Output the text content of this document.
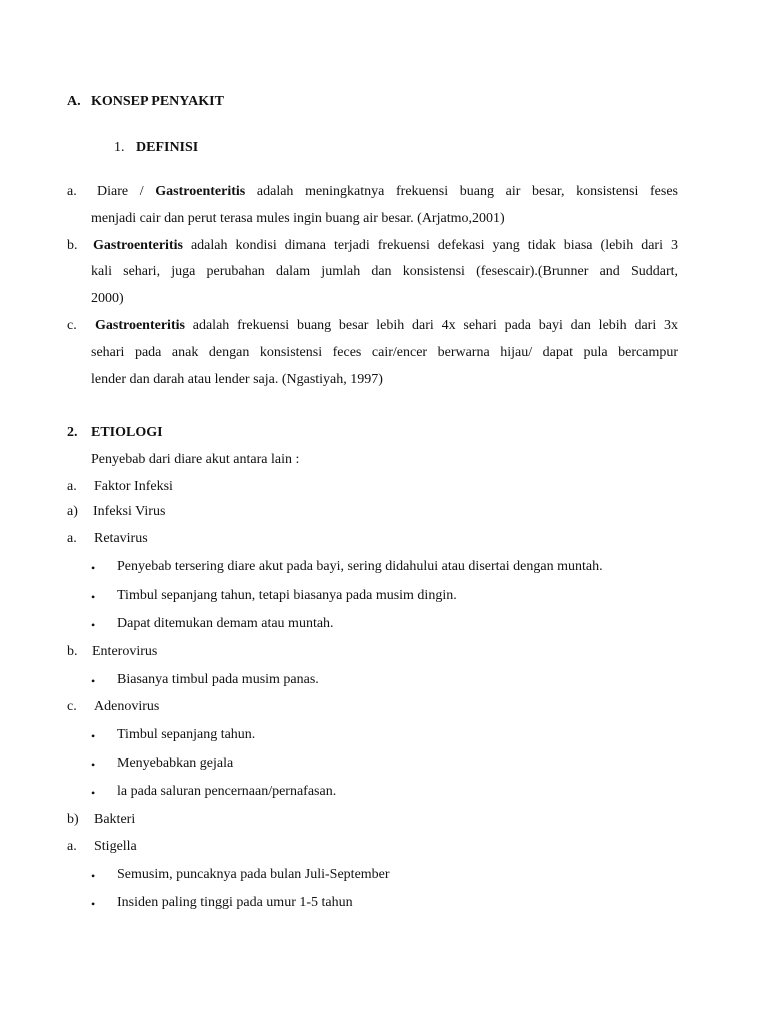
A. KONSEP PENYAKIT
1. DEFINISI
a. Diare / Gastroenteritis adalah meningkatnya frekuensi buang air besar, konsistensi feses
menjadi cair dan perut terasa mules ingin buang air besar. (Arjatmo,2001)
b. Gastroenteritis adalah kondisi dimana terjadi frekuensi defekasi yang tidak biasa (lebih dari 3
kali sehari, juga perubahan dalam jumlah dan konsistensi (fesescair).(Brunner and Suddart,
2000)
c. Gastroenteritis adalah frekuensi buang besar lebih dari 4x sehari pada bayi dan lebih dari 3x
sehari pada anak dengan konsistensi feces cair/encer berwarna hijau/ dapat pula bercampur
lender dan darah atau lender saja. (Ngastiyah, 1997)
2. ETIOLOGI
Penyebab dari diare akut antara lain :
a. Faktor Infeksi
a) Infeksi Virus
a. Retavirus
• Penyebab tersering diare akut pada bayi, sering didahului atau disertai dengan muntah.
• Timbul sepanjang tahun, tetapi biasanya pada musim dingin.
• Dapat ditemukan demam atau muntah.
b. Enterovirus
• Biasanya timbul pada musim panas.
c. Adenovirus
• Timbul sepanjang tahun.
• Menyebabkan gejala
• la pada saluran pencernaan/pernafasan.
b) Bakteri
a. Stigella
• Semusim, puncaknya pada bulan Juli-September
• Insiden paling tinggi pada umur 1-5 tahun
